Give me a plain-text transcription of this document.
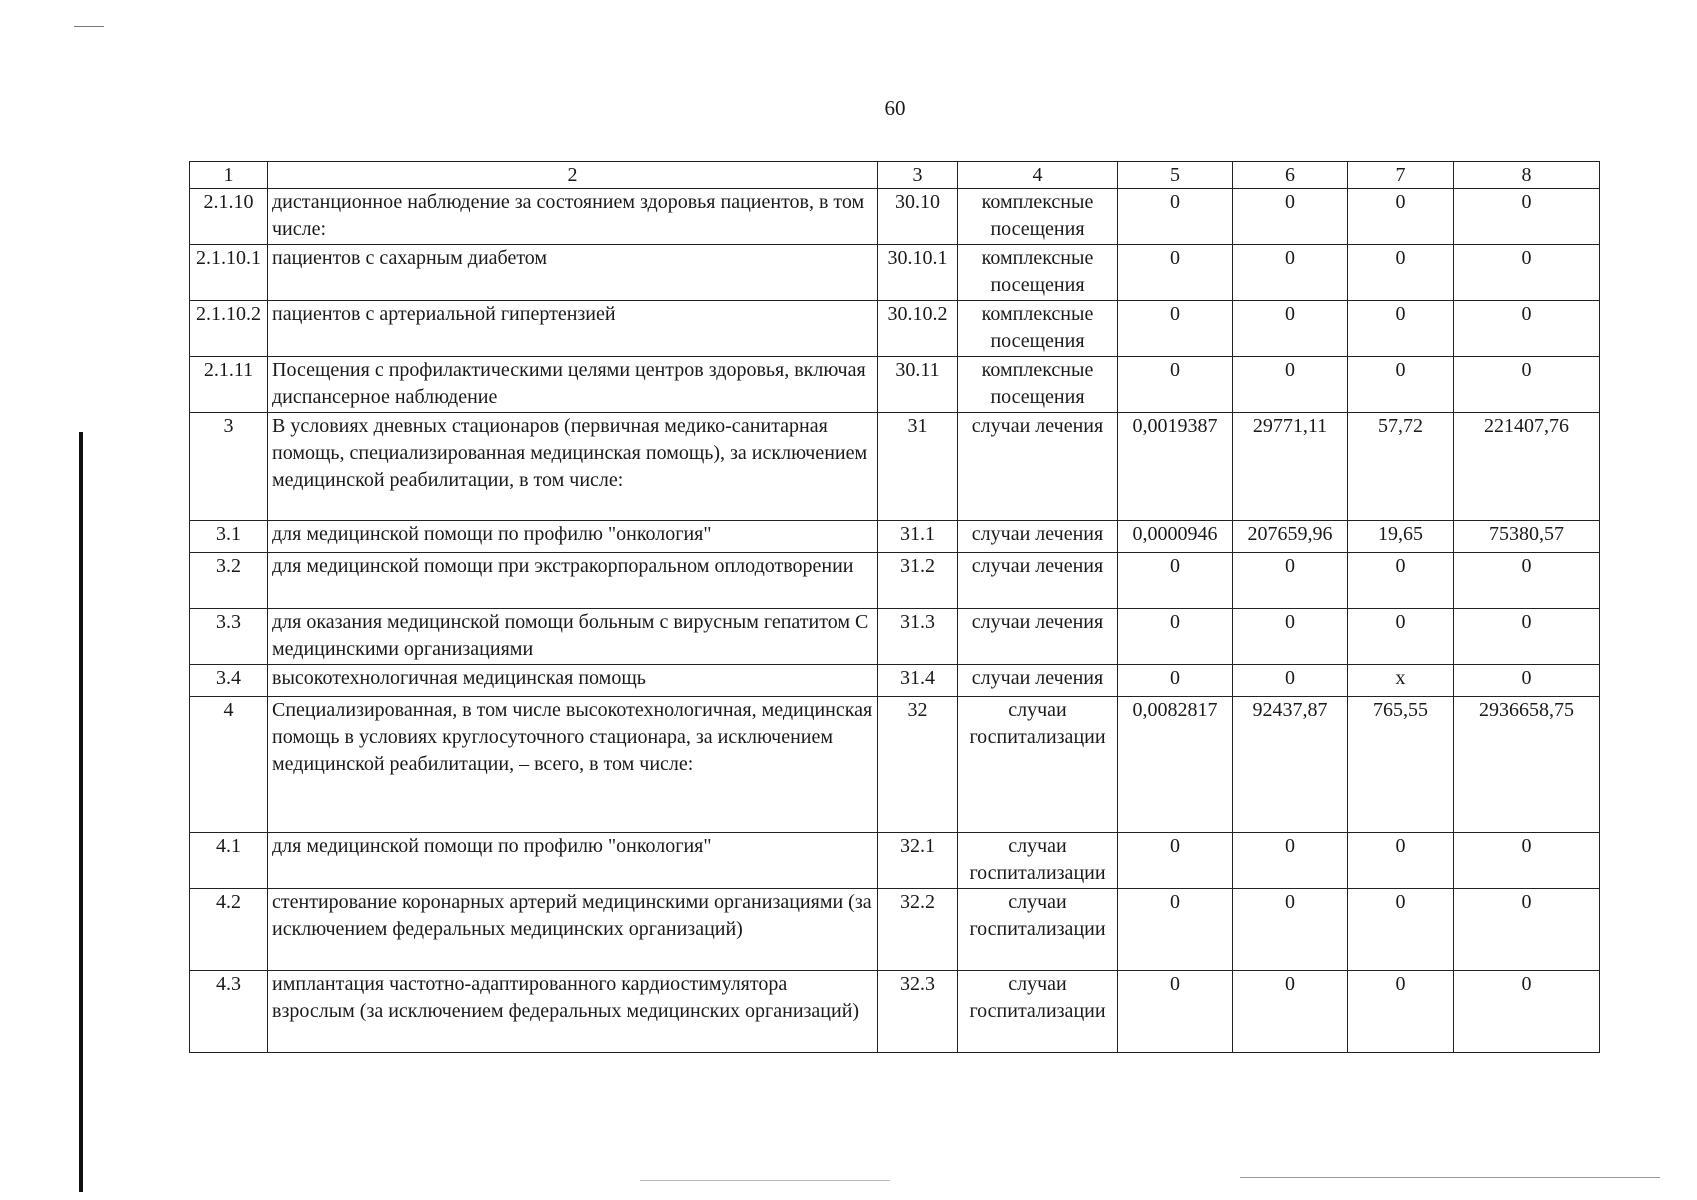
60
1	2	3	4	5	6	7	8
2.1.10	дистанционное наблюдение за состоянием здоровья пациентов, в том числе:	30.10	комплексные посещения	0	0	0	0
2.1.10.1	пациентов с сахарным диабетом	30.10.1	комплексные посещения	0	0	0	0
2.1.10.2	пациентов с артериальной гипертензией	30.10.2	комплексные посещения	0	0	0	0
2.1.11	Посещения с профилактическими целями центров здоровья, включая диспансерное наблюдение	30.11	комплексные посещения	0	0	0	0
3	В условиях дневных стационаров (первичная медико-санитарная помощь, специализированная медицинская помощь), за исключением медицинской реабилитации, в том числе:	31	случаи лечения	0,0019387	29771,11	57,72	221407,76
3.1	для медицинской помощи по профилю "онкология"	31.1	случаи лечения	0,0000946	207659,96	19,65	75380,57
3.2	для медицинской помощи при экстракорпоральном оплодотворении	31.2	случаи лечения	0	0	0	0
3.3	для оказания медицинской помощи больным с вирусным гепатитом С медицинскими организациями	31.3	случаи лечения	0	0	0	0
3.4	высокотехнологичная медицинская помощь	31.4	случаи лечения	0	0	x	0
4	Специализированная, в том числе высокотехнологичная, медицинская помощь в условиях круглосуточного стационара, за исключением медицинской реабилитации, – всего, в том числе:	32	случаи госпитализации	0,0082817	92437,87	765,55	2936658,75
4.1	для медицинской помощи по профилю "онкология"	32.1	случаи госпитализации	0	0	0	0
4.2	стентирование коронарных артерий медицинскими организациями (за исключением федеральных медицинских организаций)	32.2	случаи госпитализации	0	0	0	0
4.3	имплантация частотно-адаптированного кардиостимулятора взрослым (за исключением федеральных медицинских организаций)	32.3	случаи госпитализации	0	0	0	0
